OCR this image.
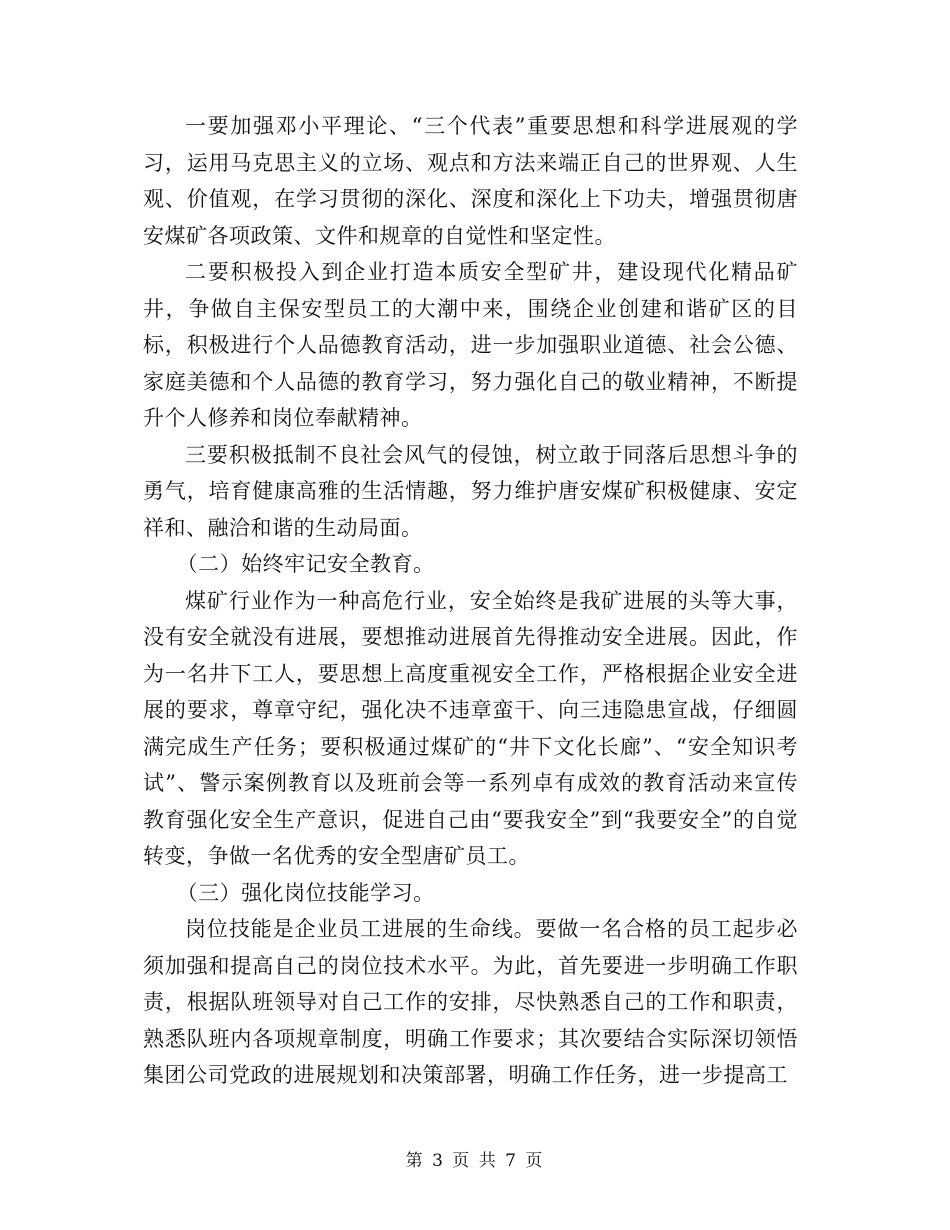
一要加强邓小平理论、“三个代表”重要思想和科学进展观的学习，运用马克思主义的立场、观点和方法来端正自己的世界观、人生观、价值观，在学习贯彻的深化、深度和深化上下功夫，增强贯彻唐安煤矿各项政策、文件和规章的自觉性和坚定性。

二要积极投入到企业打造本质安全型矿井，建设现代化精品矿井，争做自主保安型员工的大潮中来，围绕企业创建和谐矿区的目标，积极进行个人品德教育活动，进一步加强职业道德、社会公德、家庭美德和个人品德的教育学习，努力强化自己的敬业精神，不断提升个人修养和岗位奉献精神。

三要积极抵制不良社会风气的侵蚀，树立敢于同落后思想斗争的勇气，培育健康高雅的生活情趣，努力维护唐安煤矿积极健康、安定祥和、融洽和谐的生动局面。

（二）始终牢记安全教育。

煤矿行业作为一种高危行业，安全始终是我矿进展的头等大事，没有安全就没有进展，要想推动进展首先得推动安全进展。因此，作为一名井下工人，要思想上高度重视安全工作，严格根据企业安全进展的要求，尊章守纪，强化决不违章蛮干、向三违隐患宣战，仔细圆满完成生产任务；要积极通过煤矿的“井下文化长廊”、“安全知识考试”、警示案例教育以及班前会等一系列卓有成效的教育活动来宣传教育强化安全生产意识，促进自己由“要我安全”到“我要安全”的自觉转变，争做一名优秀的安全型唐矿员工。

（三）强化岗位技能学习。

岗位技能是企业员工进展的生命线。要做一名合格的员工起步必须加强和提高自己的岗位技术水平。为此，首先要进一步明确工作职责，根据队班领导对自己工作的安排，尽快熟悉自己的工作和职责，熟悉队班内各项规章制度，明确工作要求；其次要结合实际深切领悟集团公司党政的进展规划和决策部署，明确工作任务，进一步提高工

第 3 页 共 7 页
